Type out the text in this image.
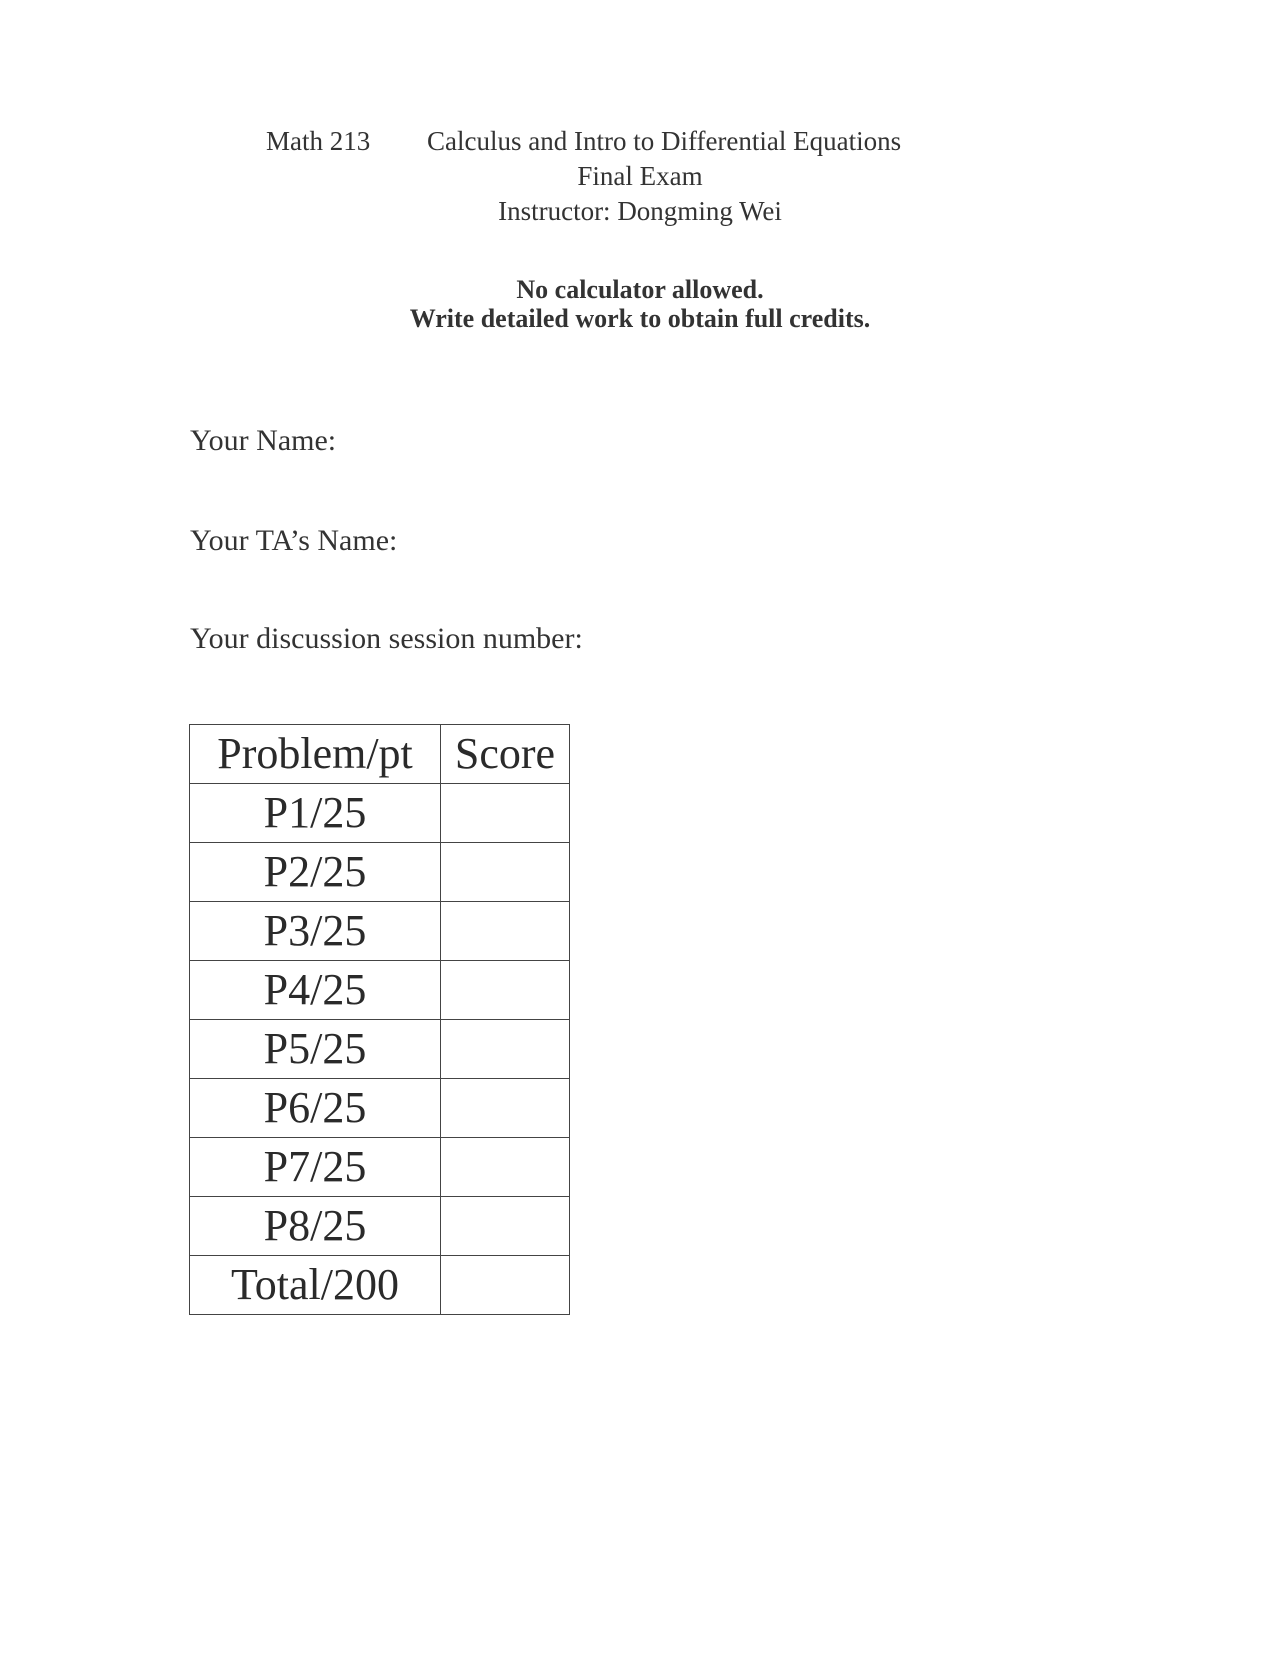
Math 213 Calculus and Intro to Differential Equations
Final Exam
Instructor: Dongming Wei
No calculator allowed.
Write detailed work to obtain full credits.
Your Name:
Your TA’s Name:
Your discussion session number:
Problem/pt	Score
P1/25	
P2/25	
P3/25	
P4/25	
P5/25	
P6/25	
P7/25	
P8/25	
Total/200	
